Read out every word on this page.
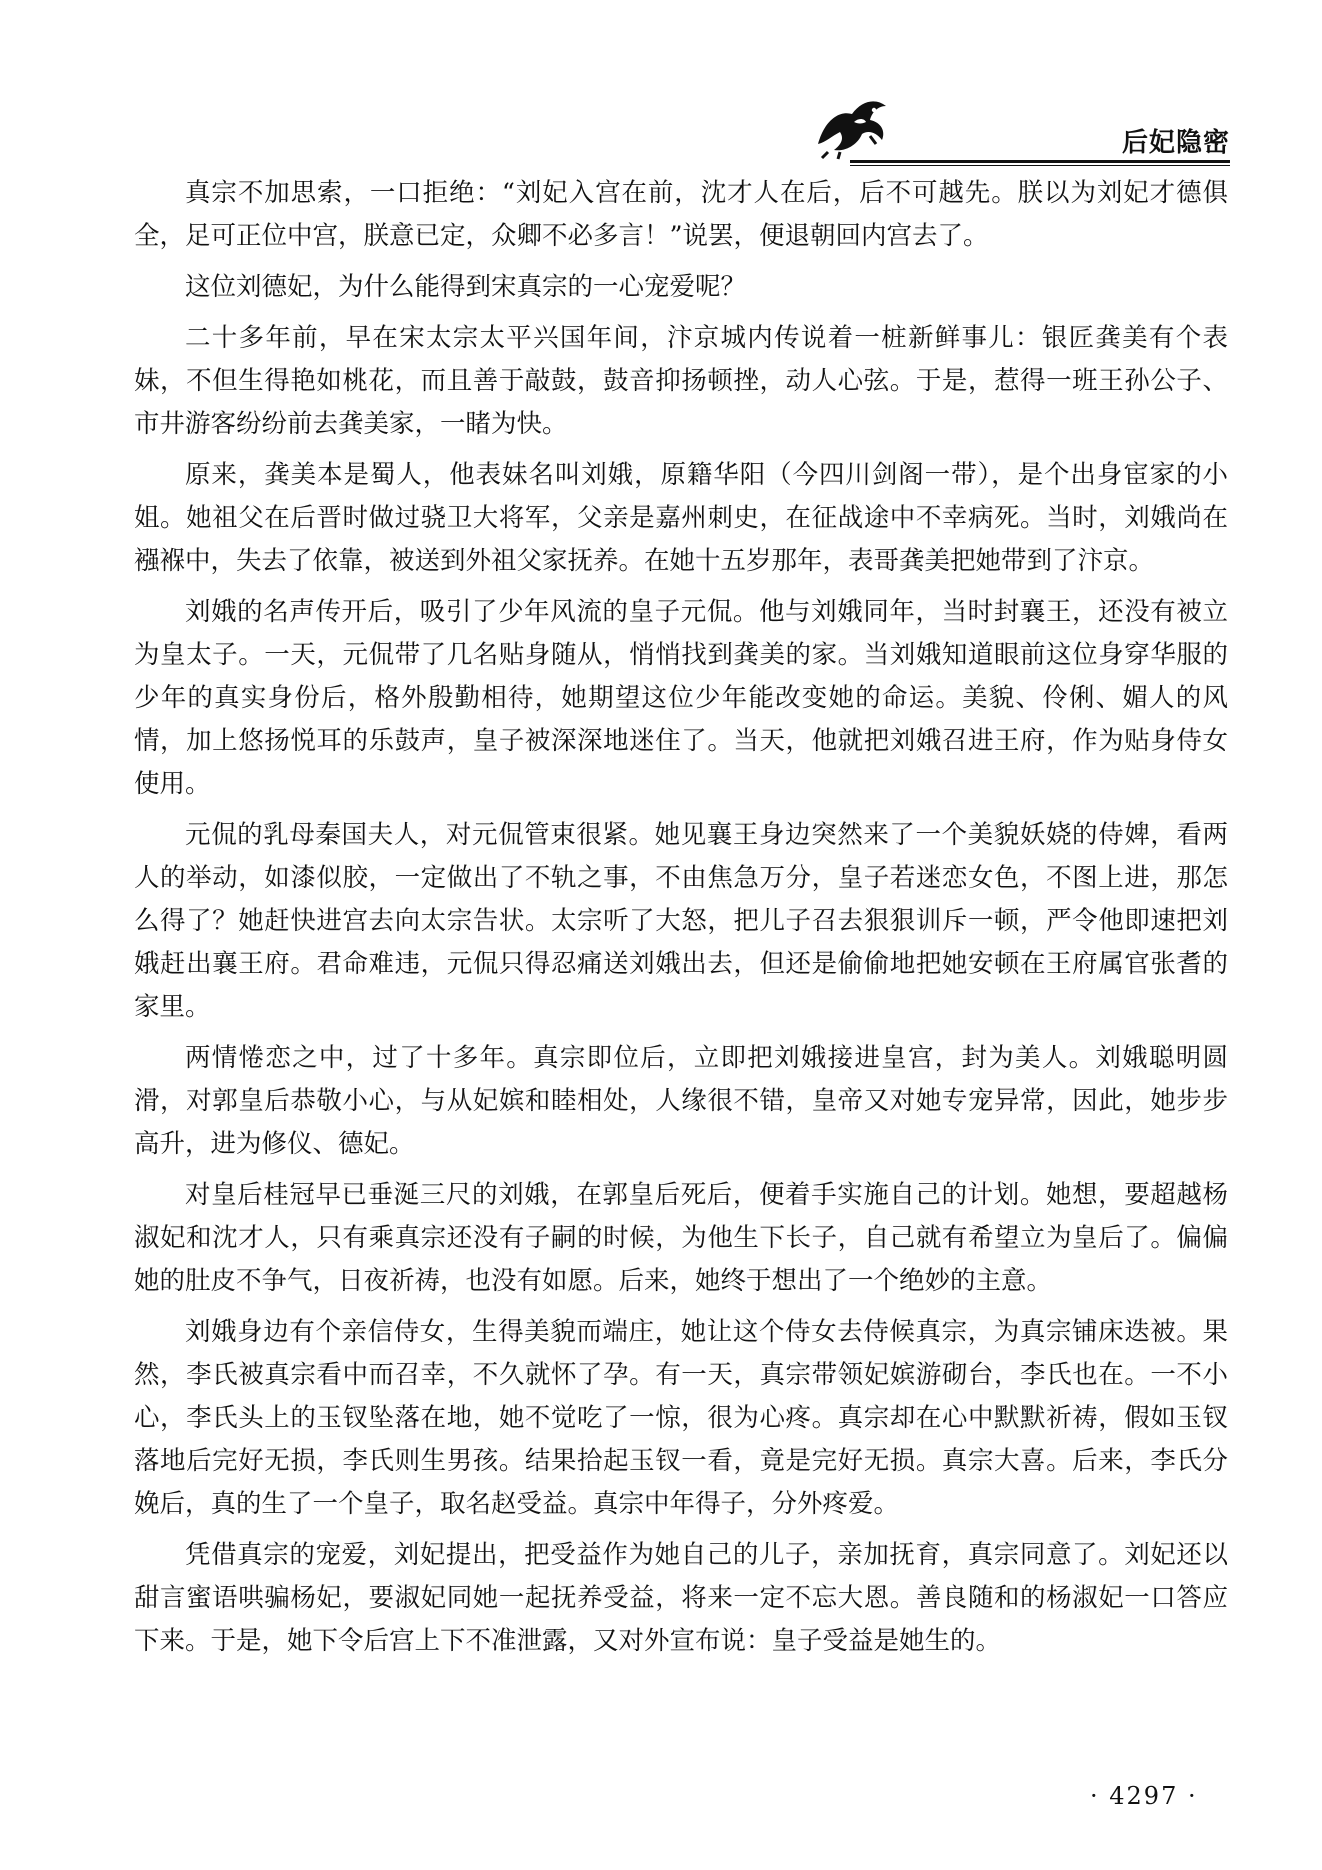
后妃隐密

真宗不加思索，一口拒绝：“刘妃入宫在前，沈才人在后，后不可越先。朕以为刘妃才德俱全，足可正位中宫，朕意已定，众卿不必多言！”说罢，便退朝回内宫去了。

这位刘德妃，为什么能得到宋真宗的一心宠爱呢？

二十多年前，早在宋太宗太平兴国年间，汴京城内传说着一桩新鲜事儿：银匠龚美有个表妹，不但生得艳如桃花，而且善于敲鼓，鼓音抑扬顿挫，动人心弦。于是，惹得一班王孙公子、市井游客纷纷前去龚美家，一睹为快。

原来，龚美本是蜀人，他表妹名叫刘娥，原籍华阳（今四川剑阁一带），是个出身宦家的小姐。她祖父在后晋时做过骁卫大将军，父亲是嘉州刺史，在征战途中不幸病死。当时，刘娥尚在襁褓中，失去了依靠，被送到外祖父家抚养。在她十五岁那年，表哥龚美把她带到了汴京。

刘娥的名声传开后，吸引了少年风流的皇子元侃。他与刘娥同年，当时封襄王，还没有被立为皇太子。一天，元侃带了几名贴身随从，悄悄找到龚美的家。当刘娥知道眼前这位身穿华服的少年的真实身份后，格外殷勤相待，她期望这位少年能改变她的命运。美貌、伶俐、媚人的风情，加上悠扬悦耳的乐鼓声，皇子被深深地迷住了。当天，他就把刘娥召进王府，作为贴身侍女使用。

元侃的乳母秦国夫人，对元侃管束很紧。她见襄王身边突然来了一个美貌妖娆的侍婢，看两人的举动，如漆似胶，一定做出了不轨之事，不由焦急万分，皇子若迷恋女色，不图上进，那怎么得了？她赶快进宫去向太宗告状。太宗听了大怒，把儿子召去狠狠训斥一顿，严令他即速把刘娥赶出襄王府。君命难违，元侃只得忍痛送刘娥出去，但还是偷偷地把她安顿在王府属官张耆的家里。

两情惓恋之中，过了十多年。真宗即位后，立即把刘娥接进皇宫，封为美人。刘娥聪明圆滑，对郭皇后恭敬小心，与从妃嫔和睦相处，人缘很不错，皇帝又对她专宠异常，因此，她步步高升，进为修仪、德妃。

对皇后桂冠早已垂涎三尺的刘娥，在郭皇后死后，便着手实施自己的计划。她想，要超越杨淑妃和沈才人，只有乘真宗还没有子嗣的时候，为他生下长子，自己就有希望立为皇后了。偏偏她的肚皮不争气，日夜祈祷，也没有如愿。后来，她终于想出了一个绝妙的主意。

刘娥身边有个亲信侍女，生得美貌而端庄，她让这个侍女去侍候真宗，为真宗铺床迭被。果然，李氏被真宗看中而召幸，不久就怀了孕。有一天，真宗带领妃嫔游砌台，李氏也在。一不小心，李氏头上的玉钗坠落在地，她不觉吃了一惊，很为心疼。真宗却在心中默默祈祷，假如玉钗落地后完好无损，李氏则生男孩。结果拾起玉钗一看，竟是完好无损。真宗大喜。后来，李氏分娩后，真的生了一个皇子，取名赵受益。真宗中年得子，分外疼爱。

凭借真宗的宠爱，刘妃提出，把受益作为她自己的儿子，亲加抚育，真宗同意了。刘妃还以甜言蜜语哄骗杨妃，要淑妃同她一起抚养受益，将来一定不忘大恩。善良随和的杨淑妃一口答应下来。于是，她下令后宫上下不准泄露，又对外宣布说：皇子受益是她生的。

· 4297 ·
